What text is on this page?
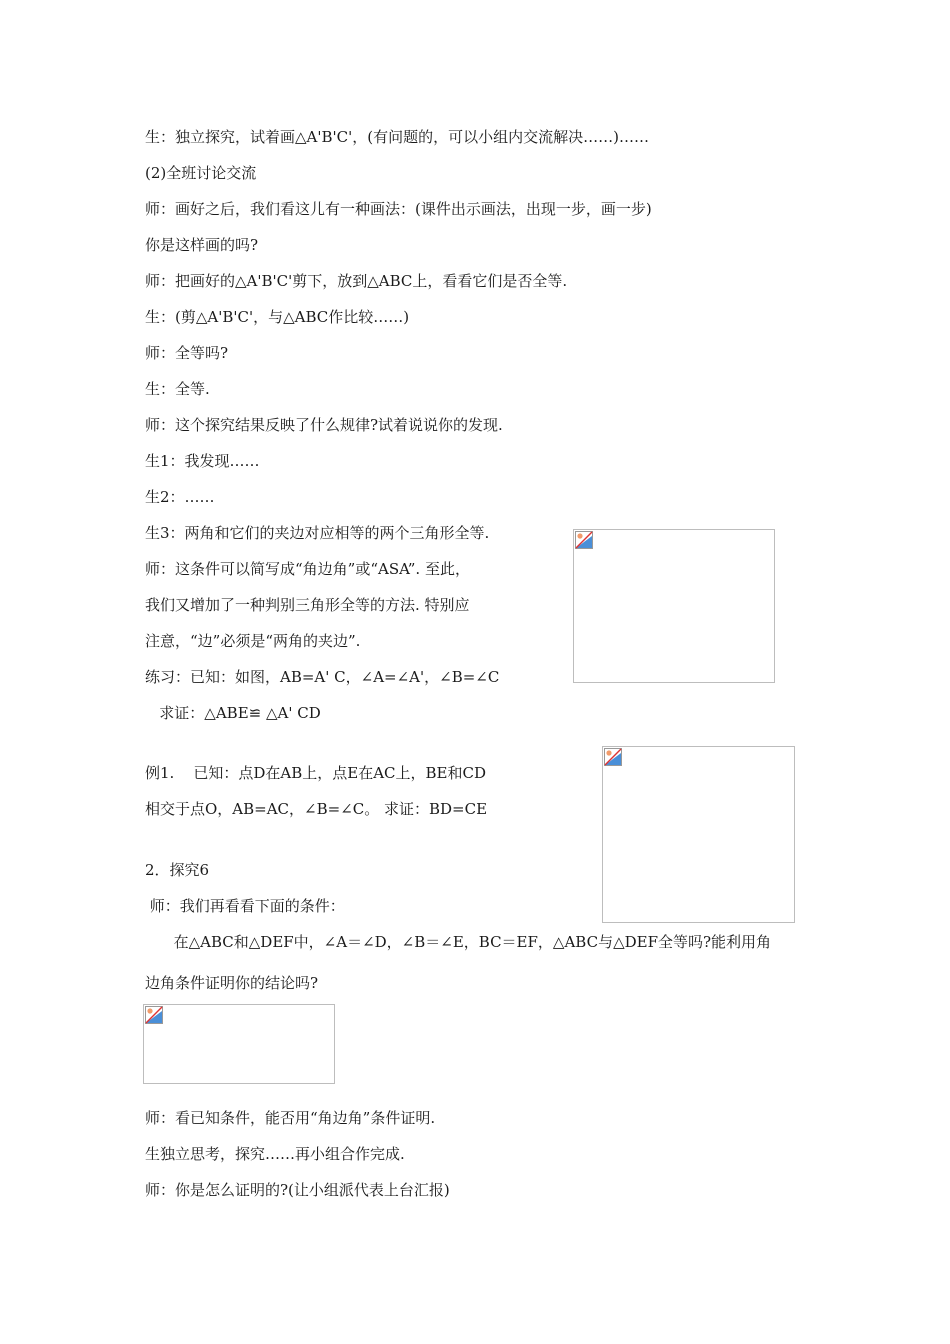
生：独立探究，试着画△A'B'C'，(有问题的，可以小组内交流解决……)……

(2)全班讨论交流

师：画好之后，我们看这儿有一种画法：(课件出示画法，出现一步，画一步)

你是这样画的吗?

师：把画好的△A'B'C'剪下，放到△ABC上，看看它们是否全等.

生：(剪△A'B'C'，与△ABC作比较……)

师：全等吗?

生：全等.

师：这个探究结果反映了什么规律?试着说说你的发现.

生1：我发现……

生2：……

生3：两角和它们的夹边对应相等的两个三角形全等.

师：这条件可以简写成“角边角”或“ASA”. 至此，

我们又增加了一种判别三角形全等的方法. 特别应

注意，“边”必须是“两角的夹边”.

练习：已知：如图，AB=A' C，∠A=∠A'，∠B=∠C

求证：△ABE≌ △A' CD

例1.    已知：点D在AB上，点E在AC上，BE和CD

相交于点O，AB=AC，∠B=∠C。 求证：BD=CE

2．探究6

师：我们再看看下面的条件：

在△ABC和△DEF中，∠A＝∠D，∠B＝∠E，BC＝EF，△ABC与△DEF全等吗?能利用角

边角条件证明你的结论吗?

师：看已知条件，能否用“角边角”条件证明.

生独立思考，探究……再小组合作完成.

师：你是怎么证明的?(让小组派代表上台汇报)
